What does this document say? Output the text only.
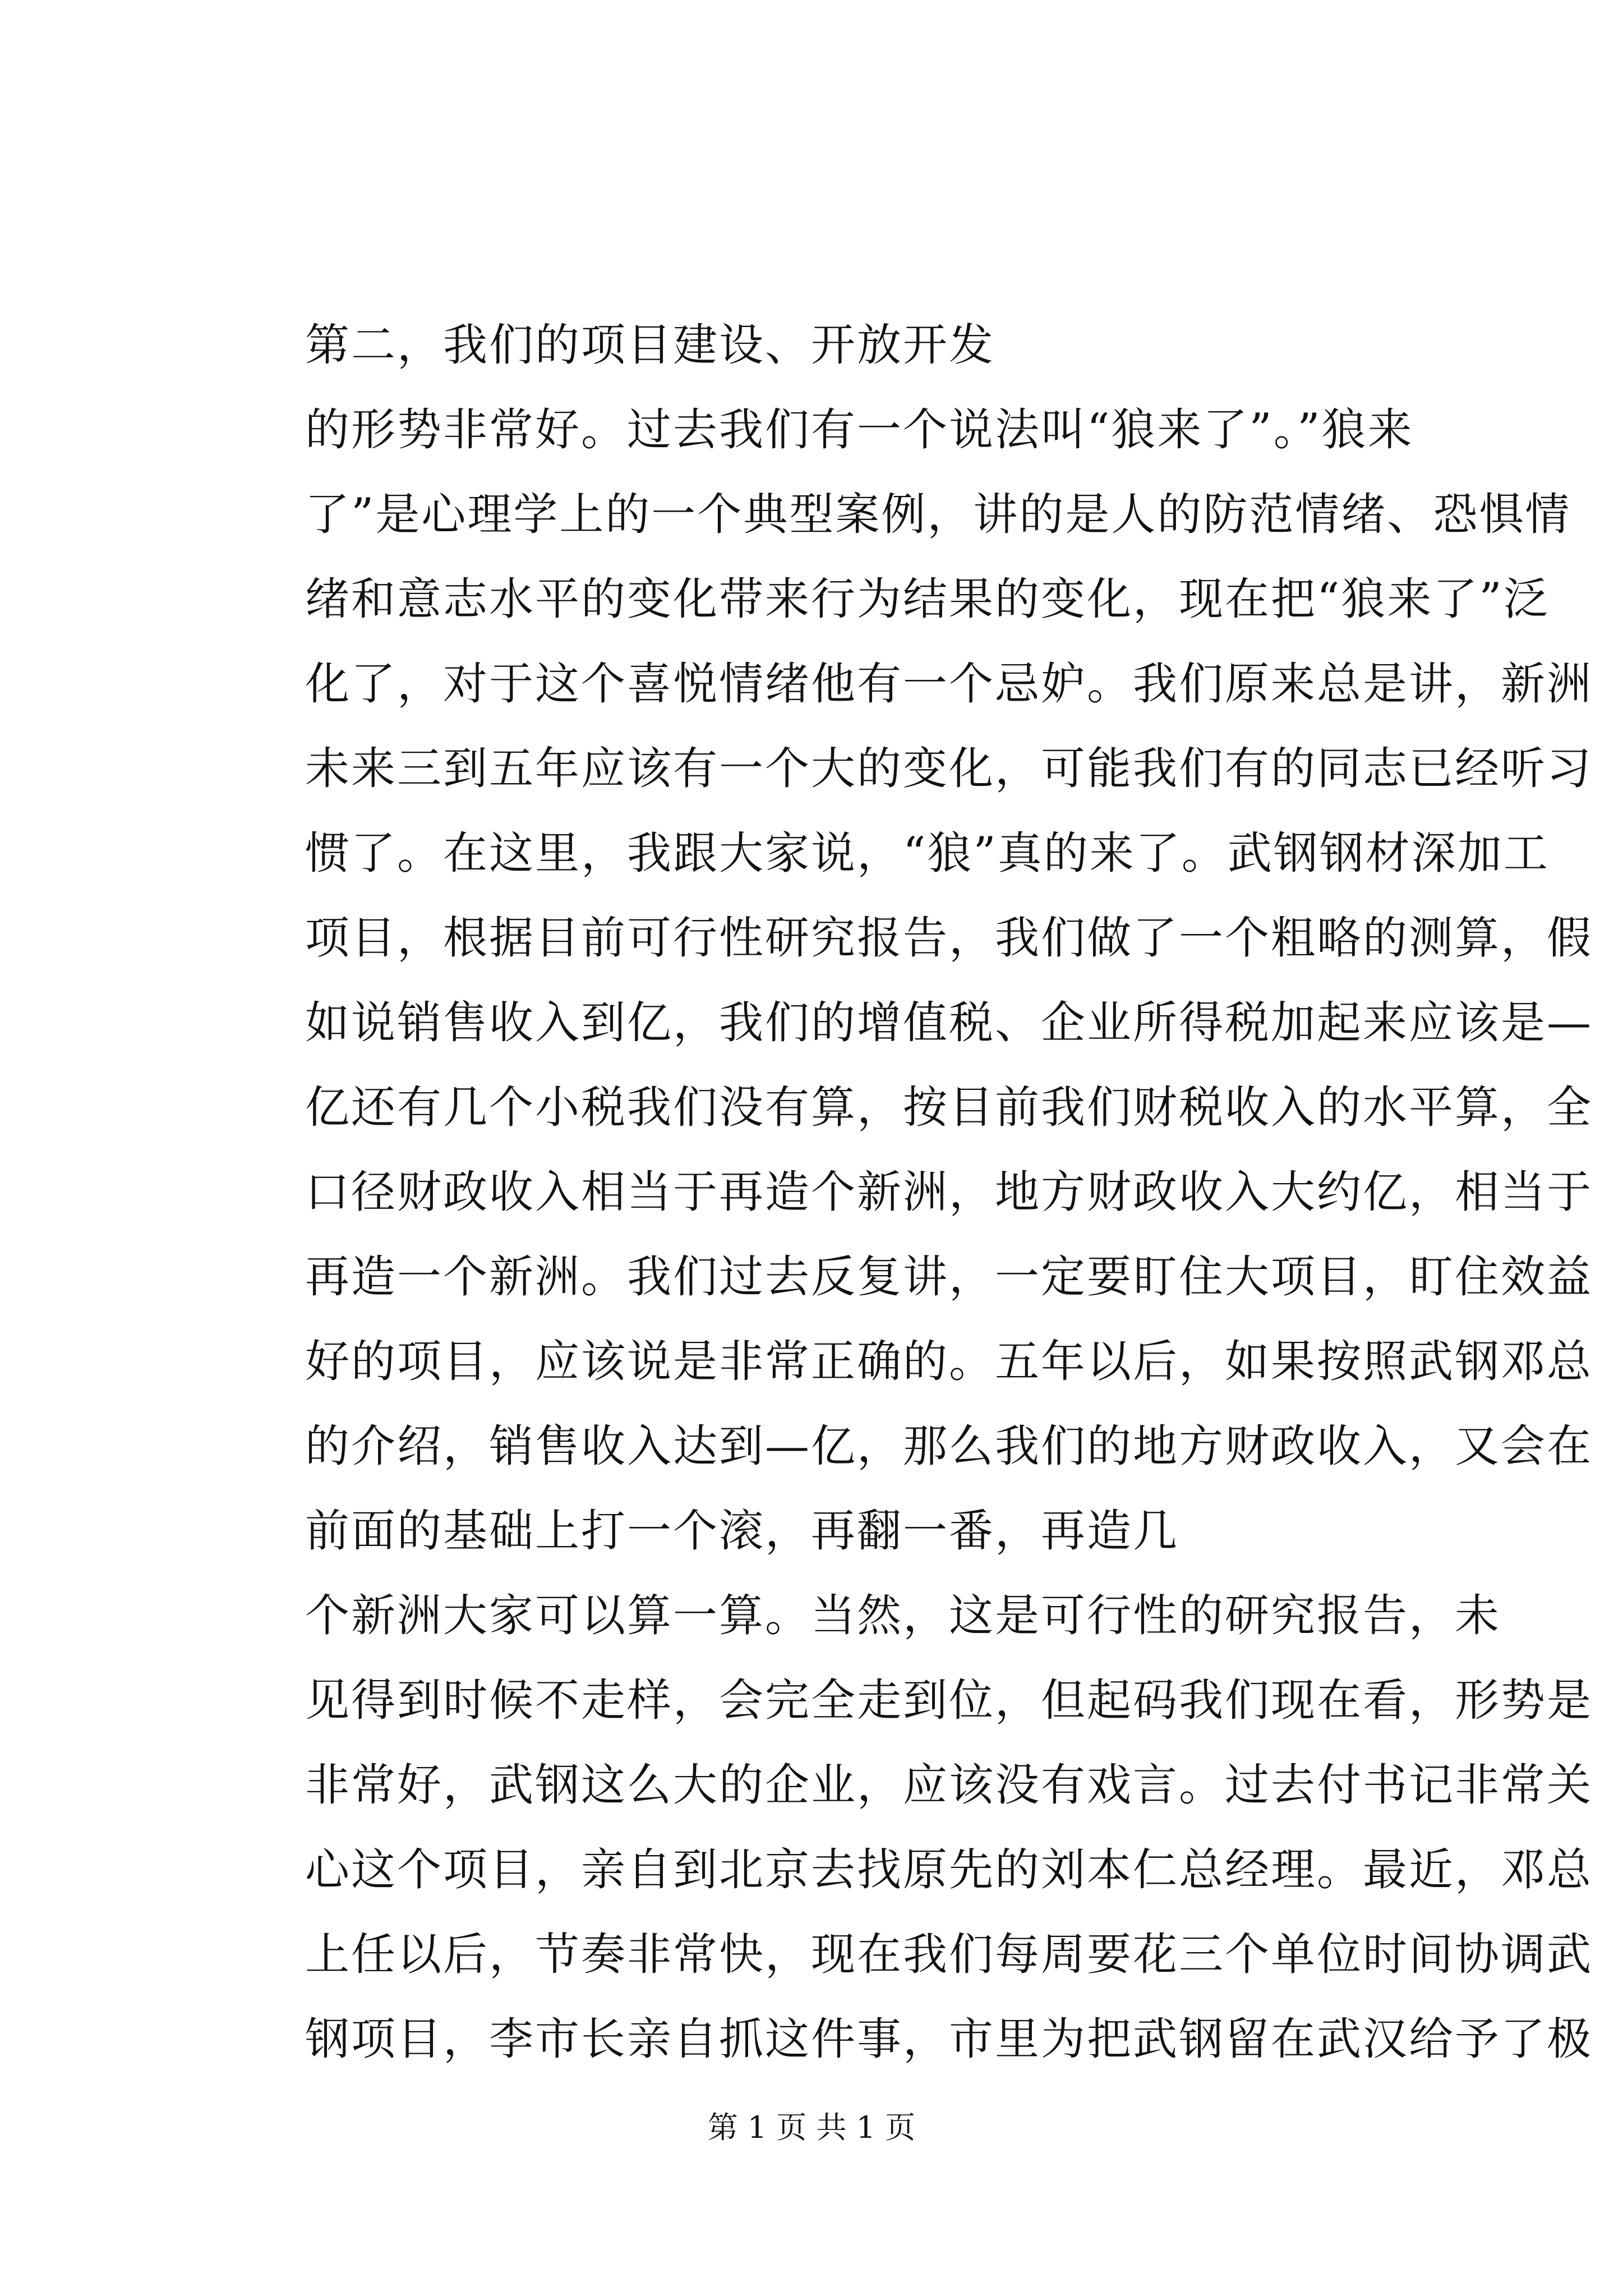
第二，我们的项目建设、开放开发
的形势非常好。过去我们有一个说法叫“狼来了”。”狼来
了”是心理学上的一个典型案例，讲的是人的防范情绪、恐惧情
绪和意志水平的变化带来行为结果的变化，现在把“狼来了”泛
化了，对于这个喜悦情绪他有一个忌妒。我们原来总是讲，新洲
未来三到五年应该有一个大的变化，可能我们有的同志已经听习
惯了。在这里，我跟大家说，“狼”真的来了。武钢钢材深加工
项目，根据目前可行性研究报告，我们做了一个粗略的测算，假
如说销售收入到亿，我们的增值税、企业所得税加起来应该是—
亿还有几个小税我们没有算，按目前我们财税收入的水平算，全
口径财政收入相当于再造个新洲，地方财政收入大约亿，相当于
再造一个新洲。我们过去反复讲，一定要盯住大项目，盯住效益
好的项目，应该说是非常正确的。五年以后，如果按照武钢邓总
的介绍，销售收入达到—亿，那么我们的地方财政收入，又会在
前面的基础上打一个滚，再翻一番，再造几
个新洲大家可以算一算。当然，这是可行性的研究报告，未
见得到时候不走样，会完全走到位，但起码我们现在看，形势是
非常好，武钢这么大的企业，应该没有戏言。过去付书记非常关
心这个项目，亲自到北京去找原先的刘本仁总经理。最近，邓总
上任以后，节奏非常快，现在我们每周要花三个单位时间协调武
钢项目，李市长亲自抓这件事，市里为把武钢留在武汉给予了极
第 1 页 共 1 页
